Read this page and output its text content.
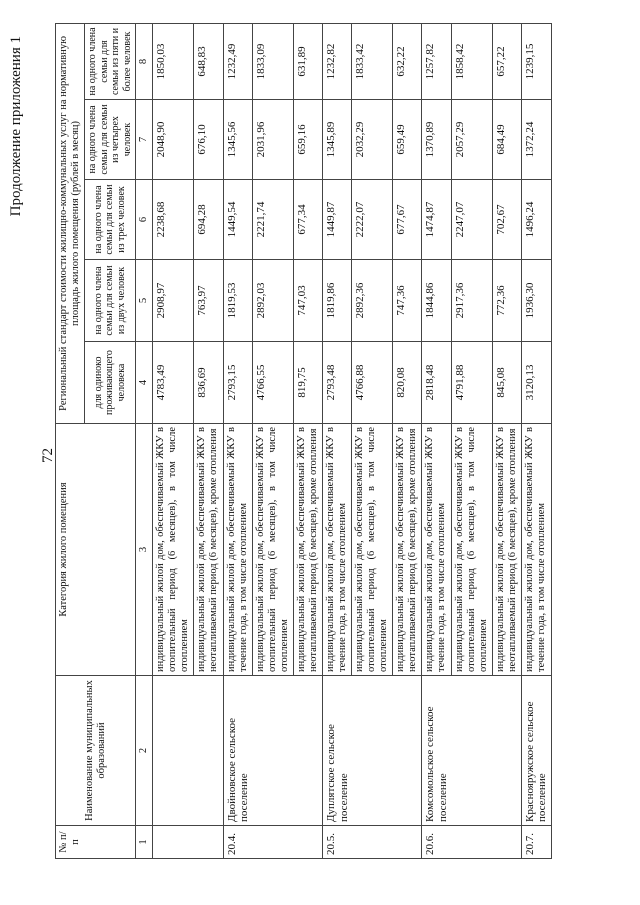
72
Продолжение приложения 1
№ п/п	Наименование муниципальных образований	Категория жилого помещения	Региональный стандарт стоимости жилищно-коммунальных услуг на нормативную площадь жилого помещения (рублей в месяц)				
			для одиноко проживающего человека	на одного члена семьи для семьи из двух человек	на одного члена семьи для семьи из трех человек	на одного члена семьи для семьи из четырех человек	на одного члена семьи для семьи из пяти и более человек
1	2	3	4	5	6	7	8
		индивидуальный жилой дом, обеспечиваемый ЖКУ в отопительный период (6 месяцев), в том числе отоплением	4783,49	2908,97	2238,68	2048,90	1850,03
		индивидуальный жилой дом, обеспечиваемый ЖКУ в неотапливаемый период (6 месяцев), кроме отопления	836,69	763,97	694,28	676,10	648,83
20.4.	Двойновское сельское поселение	индивидуальный жилой дом, обеспечиваемый ЖКУ в течение года, в том числе отоплением	2793,15	1819,53	1449,54	1345,56	1232,49
		индивидуальный жилой дом, обеспечиваемый ЖКУ в отопительный период (6 месяцев), в том числе отоплением	4766,55	2892,03	2221,74	2031,96	1833,09
		индивидуальный жилой дом, обеспечиваемый ЖКУ в неотапливаемый период (6 месяцев), кроме отопления	819,75	747,03	677,34	659,16	631,89
20.5.	Дуплятское сельское поселение	индивидуальный жилой дом, обеспечиваемый ЖКУ в течение года, в том числе отоплением	2793,48	1819,86	1449,87	1345,89	1232,82
		индивидуальный жилой дом, обеспечиваемый ЖКУ в отопительный период (6 месяцев), в том числе отоплением	4766,88	2892,36	2222,07	2032,29	1833,42
		индивидуальный жилой дом, обеспечиваемый ЖКУ в неотапливаемый период (6 месяцев), кроме отопления	820,08	747,36	677,67	659,49	632,22
20.6.	Комсомольское сельское поселение	индивидуальный жилой дом, обеспечиваемый ЖКУ в течение года, в том числе отоплением	2818,48	1844,86	1474,87	1370,89	1257,82
		индивидуальный жилой дом, обеспечиваемый ЖКУ в отопительный период (6 месяцев), в том числе отоплением	4791,88	2917,36	2247,07	2057,29	1858,42
		индивидуальный жилой дом, обеспечиваемый ЖКУ в неотапливаемый период (6 месяцев), кроме отопления	845,08	772,36	702,67	684,49	657,22
20.7.	Краснояружское сельское поселение	индивидуальный жилой дом, обеспечиваемый ЖКУ в течение года, в том числе отоплением	3120,13	1936,30	1496,24	1372,24	1239,15
